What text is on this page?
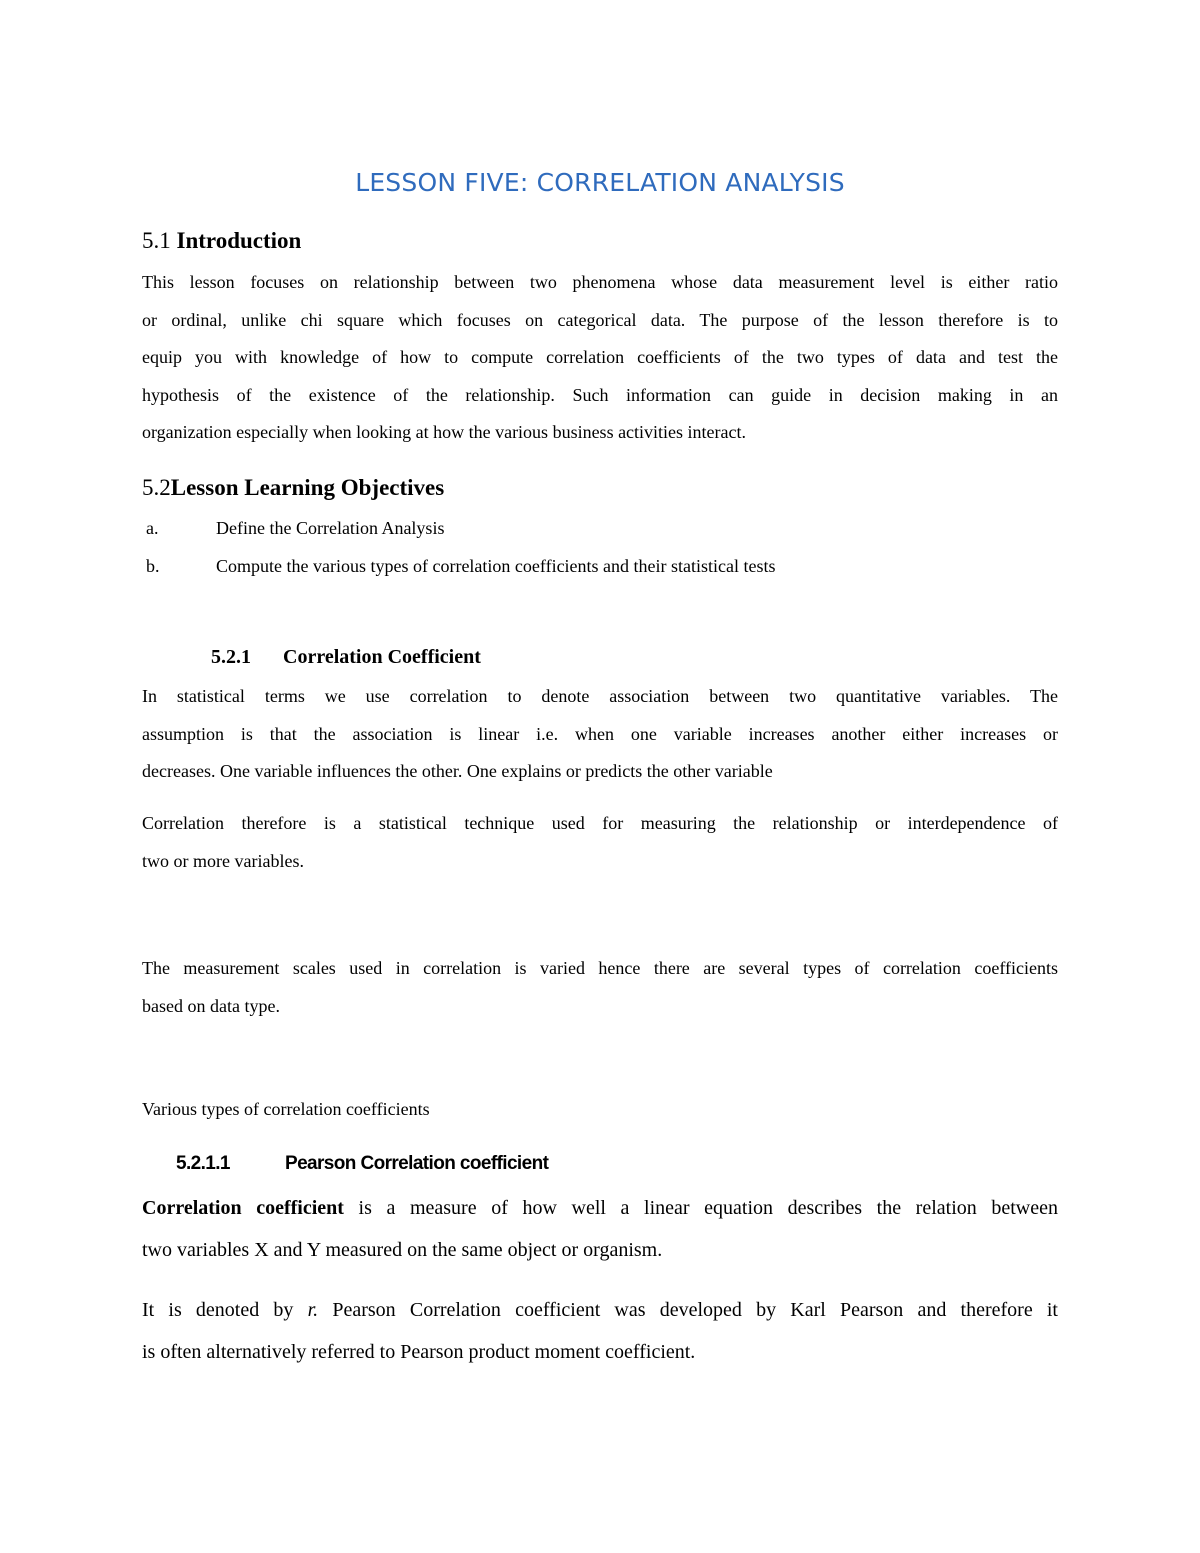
LESSON FIVE: CORRELATION ANALYSIS
5.1 Introduction
This lesson focuses on relationship between two phenomena whose data measurement level is either ratio
or ordinal, unlike chi square which focuses on categorical data. The purpose of the lesson therefore is to
equip you with knowledge of how to compute correlation coefficients of the two types of data and test the
hypothesis of the existence of the relationship. Such information can guide in decision making in an
organization especially when looking at how the various business activities interact.
5.2Lesson Learning Objectives
a.	Define the Correlation Analysis
b.	Compute the various types of correlation coefficients and their statistical tests
5.2.1 Correlation Coefficient
In statistical terms we use correlation to denote association between two quantitative variables. The
assumption is that the association is linear i.e. when one variable increases another either increases or
decreases. One variable influences the other. One explains or predicts the other variable
Correlation therefore is a statistical technique used for measuring the relationship or interdependence of
two or more variables.
The measurement scales used in correlation is varied hence there are several types of correlation coefficients
based on data type.
Various types of correlation coefficients
5.2.1.1	Pearson Correlation coefficient
Correlation coefficient is a measure of how well a linear equation describes the relation between
two variables X and Y measured on the same object or organism.
It is denoted by r. Pearson Correlation coefficient was developed by Karl Pearson and therefore it
is often alternatively referred to Pearson product moment coefficient.
